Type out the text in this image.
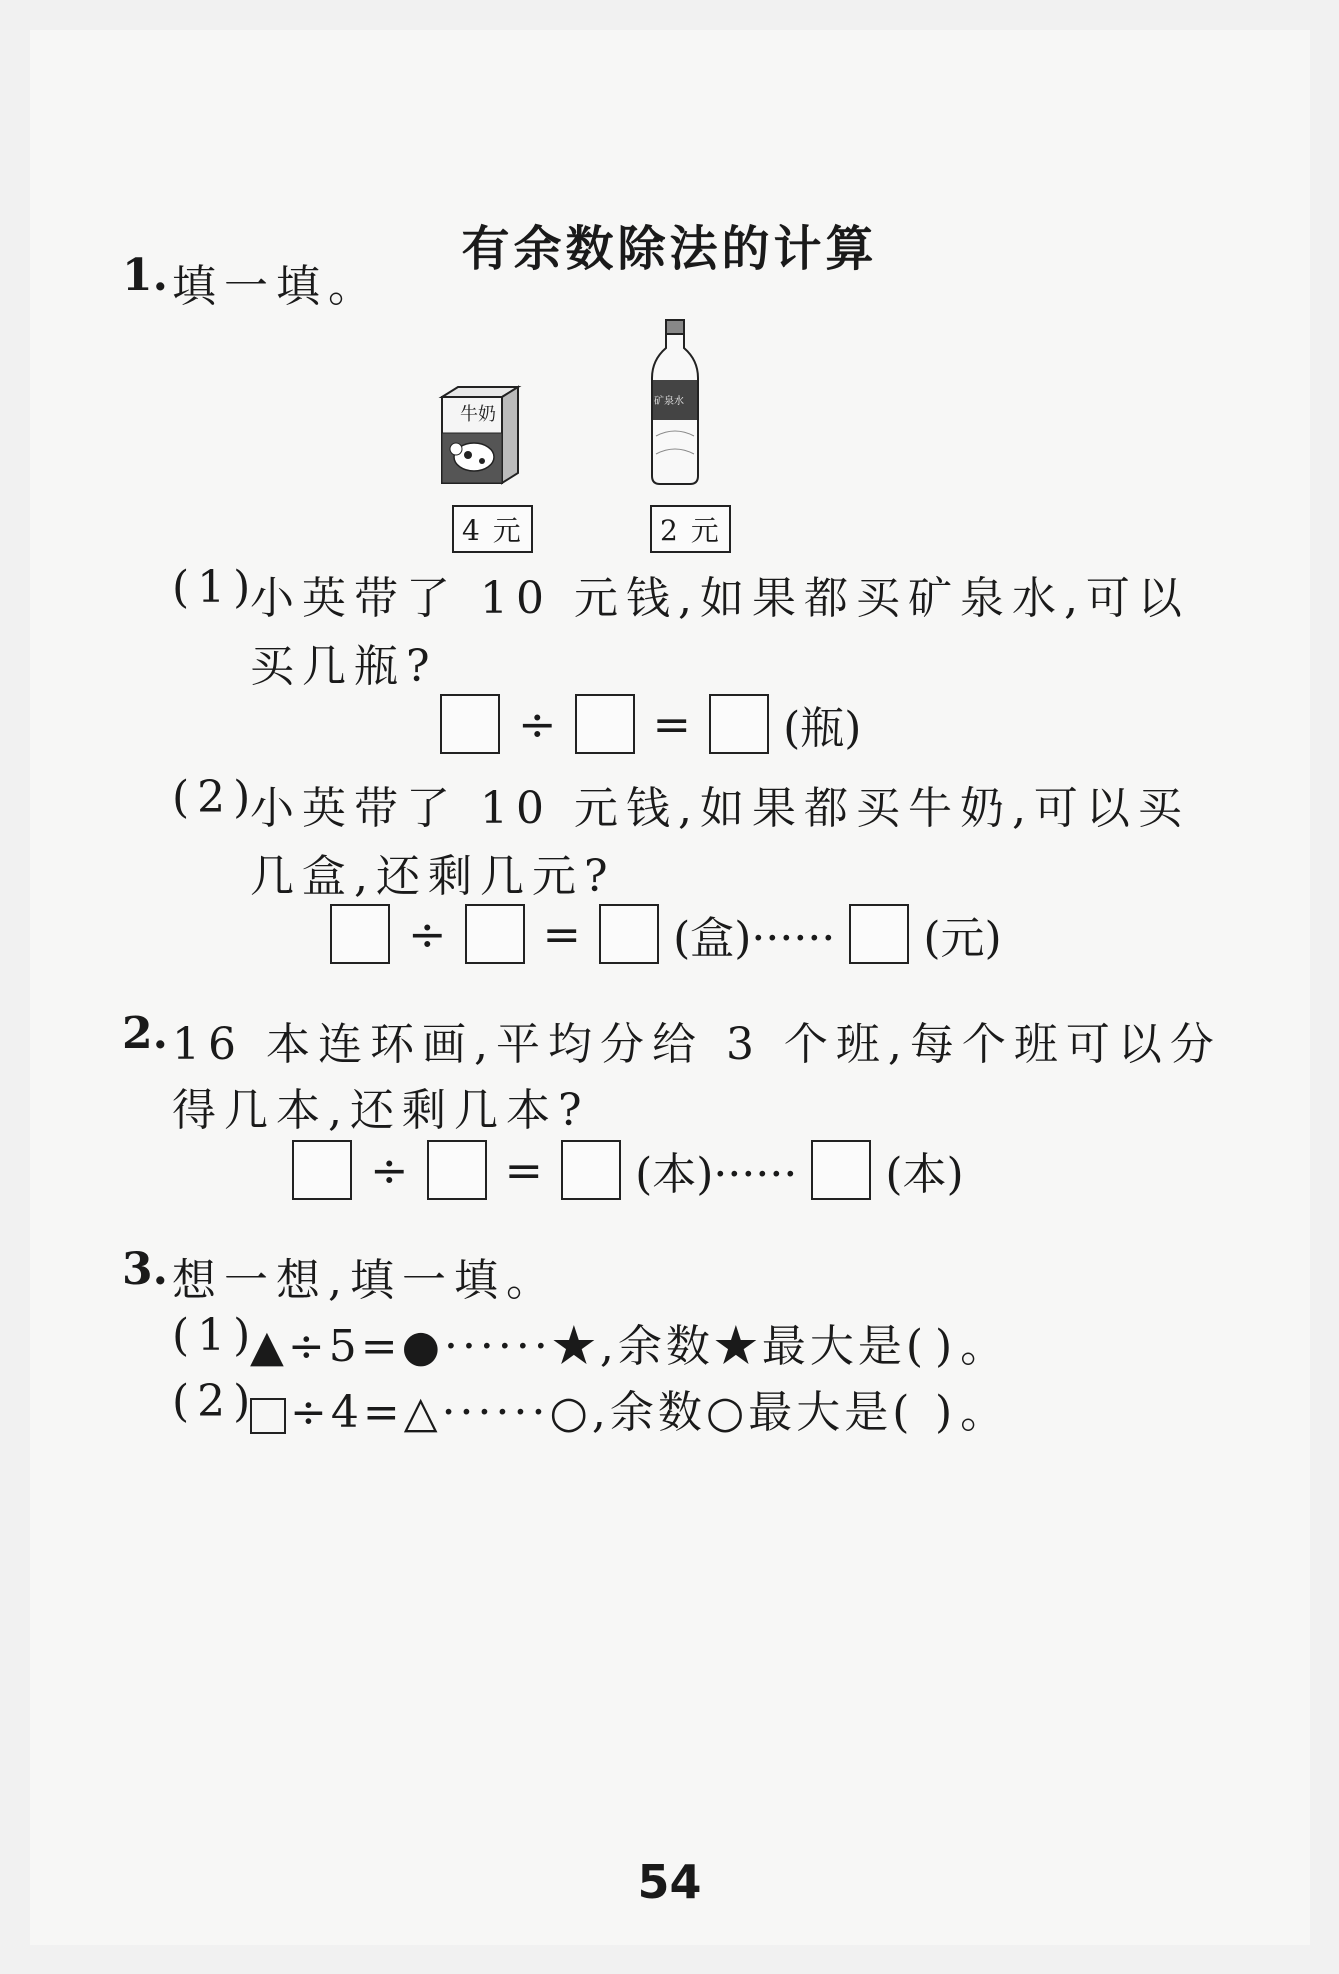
有余数除法的计算
1. 填一填。
牛奶
矿泉水
4 元	2 元
(1)
小英带了 10 元钱,如果都买矿泉水,可以
买几瓶?
÷ = (瓶)
(2)
小英带了 10 元钱,如果都买牛奶,可以买
几盒,还剩几元?
÷ = (盒)······ (元)
2. 16 本连环画,平均分给 3 个班,每个班可以分
得几本,还剩几本?
÷ = (本)······ (本)
3. 想一想,填一填。
(1)
▲÷5=●······★,余数★最大是( )。
(2) ÷4=△······○,余数○最大是( )。
54
